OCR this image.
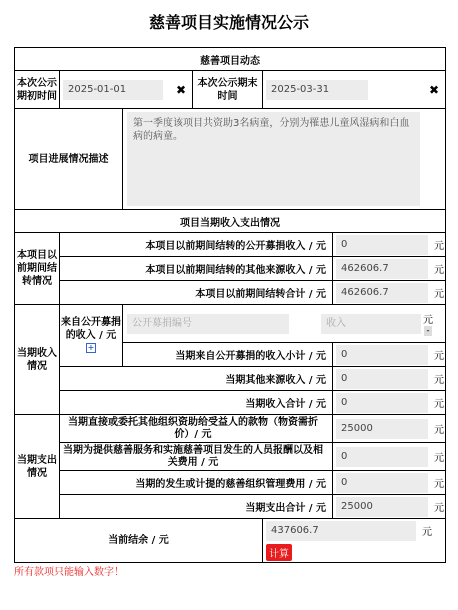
慈善项目实施情况公示
慈善项目动态					
本次公示期初时间	2025-01-01 ✖		本次公示期末时间	2025-03-31 ✖	

项目进展情况描述		第一季度该项目共资助3名病童，分别为罹患儿童风湿病和白血病的病童。			

项目当期收入支出情况					
本项目以前期间结转情况	本项目以前期间结转的公开募捐收入 / 元				0 元
	本项目以前期间结转的其他来源收入 / 元				462606.7 元
	本项目以前期间结转合计 / 元				462606.7 元
当期收入情况	来自公开募捐的收入 / 元 +	公开募捐编号 收入 元
-			

		当期来自公开募捐的收入小计 / 元			0 元
	当期其他来源收入 / 元				0 元
	当期收入合计 / 元				0 元
当期支出情况	当期直接或委托其他组织资助给受益人的款物（物资需折价）/ 元				25000 元
	当期为提供慈善服务和实施慈善项目发生的人员报酬以及相关费用 / 元				0 元
	当期的发生或计提的慈善组织管理费用 / 元				0 元
	当期支出合计 / 元				25000 元
当前结余 / 元				437606.7 元
计算	
所有款项只能输入数字！
